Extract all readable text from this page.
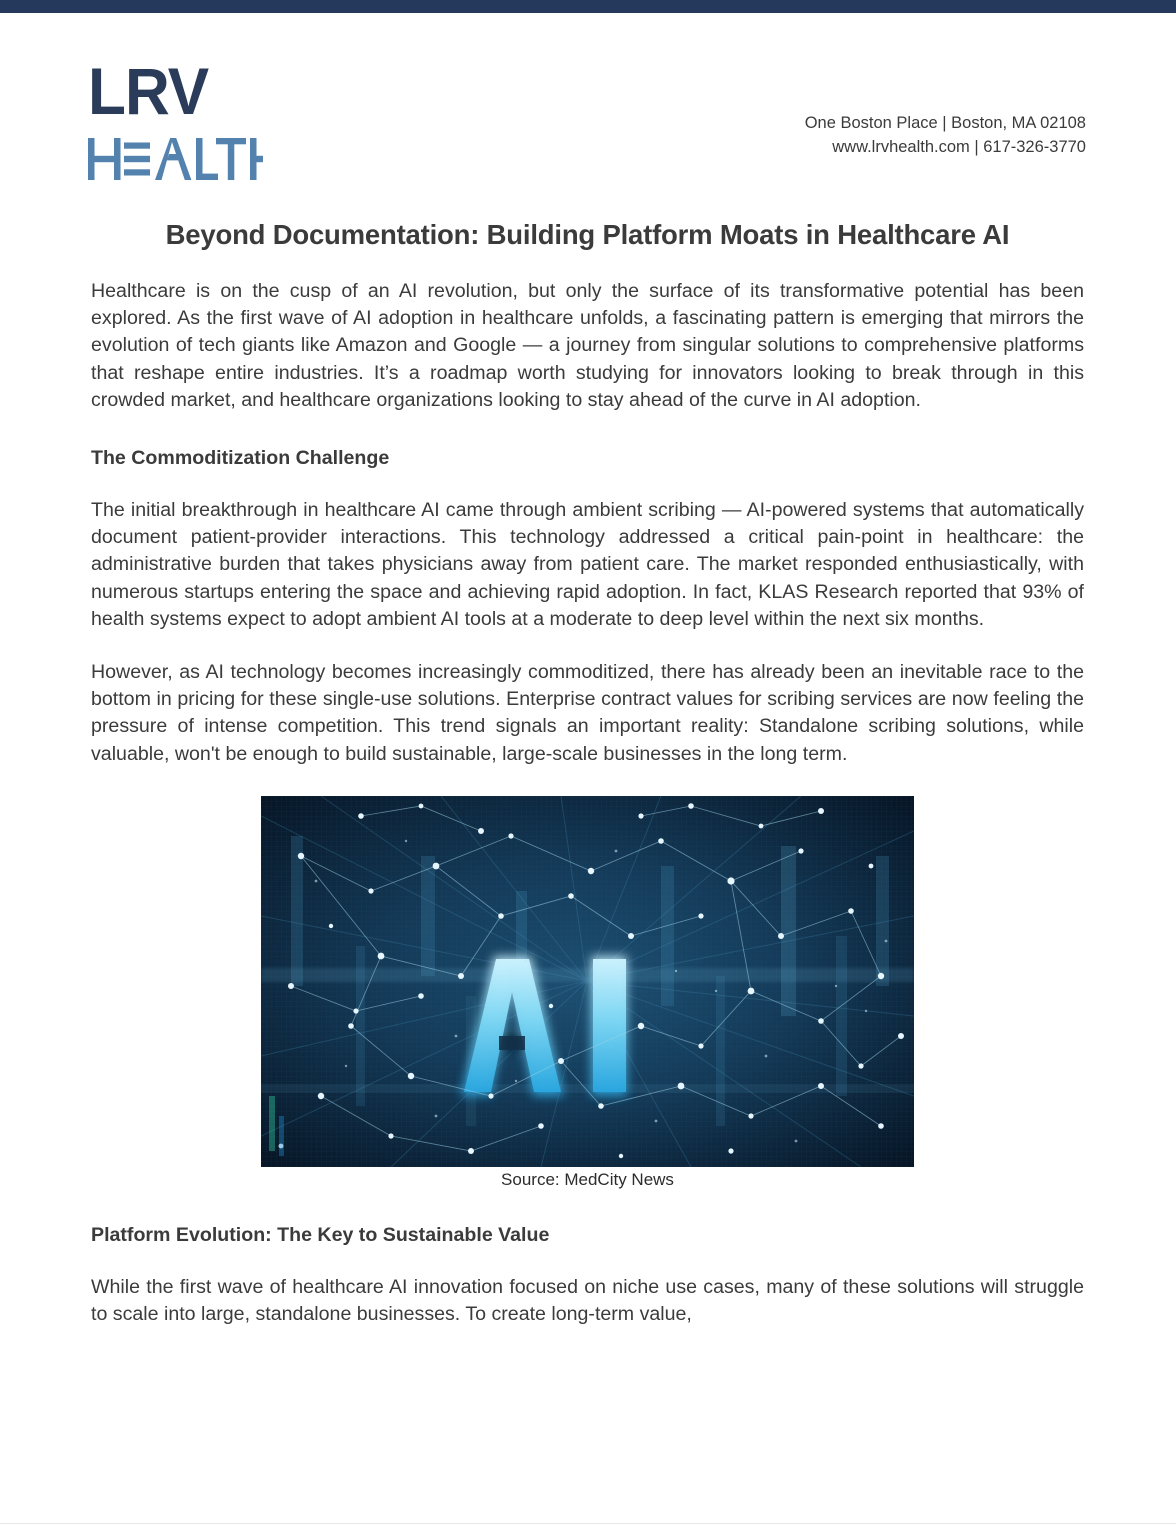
LRV	One Boston Place | Boston, MA 02108
www.lrvhealth.com | 617-326-3770
Beyond Documentation: Building Platform Moats in Healthcare AI

Healthcare is on the cusp of an AI revolution, but only the surface of its transformative potential has been explored. As the first wave of AI adoption in healthcare unfolds, a fascinating pattern is emerging that mirrors the evolution of tech giants like Amazon and Google — a journey from singular solutions to comprehensive platforms that reshape entire industries. It’s a roadmap worth studying for innovators looking to break through in this crowded market, and healthcare organizations looking to stay ahead of the curve in AI adoption.

The Commoditization Challenge

The initial breakthrough in healthcare AI came through ambient scribing — AI-powered systems that automatically document patient-provider interactions. This technology addressed a critical pain-point in healthcare: the administrative burden that takes physicians away from patient care. The market responded enthusiastically, with numerous startups entering the space and achieving rapid adoption. In fact, KLAS Research reported that 93% of health systems expect to adopt ambient AI tools at a moderate to deep level within the next six months.

However, as AI technology becomes increasingly commoditized, there has already been an inevitable race to the bottom in pricing for these single-use solutions. Enterprise contract values for scribing services are now feeling the pressure of intense competition. This trend signals an important reality: Standalone scribing solutions, while valuable, won't be enough to build sustainable, large-scale businesses in the long term.

Source: MedCity News
Platform Evolution: The Key to Sustainable Value

While the first wave of healthcare AI innovation focused on niche use cases, many of these solutions will struggle to scale into large, standalone businesses. To create long-term value,
